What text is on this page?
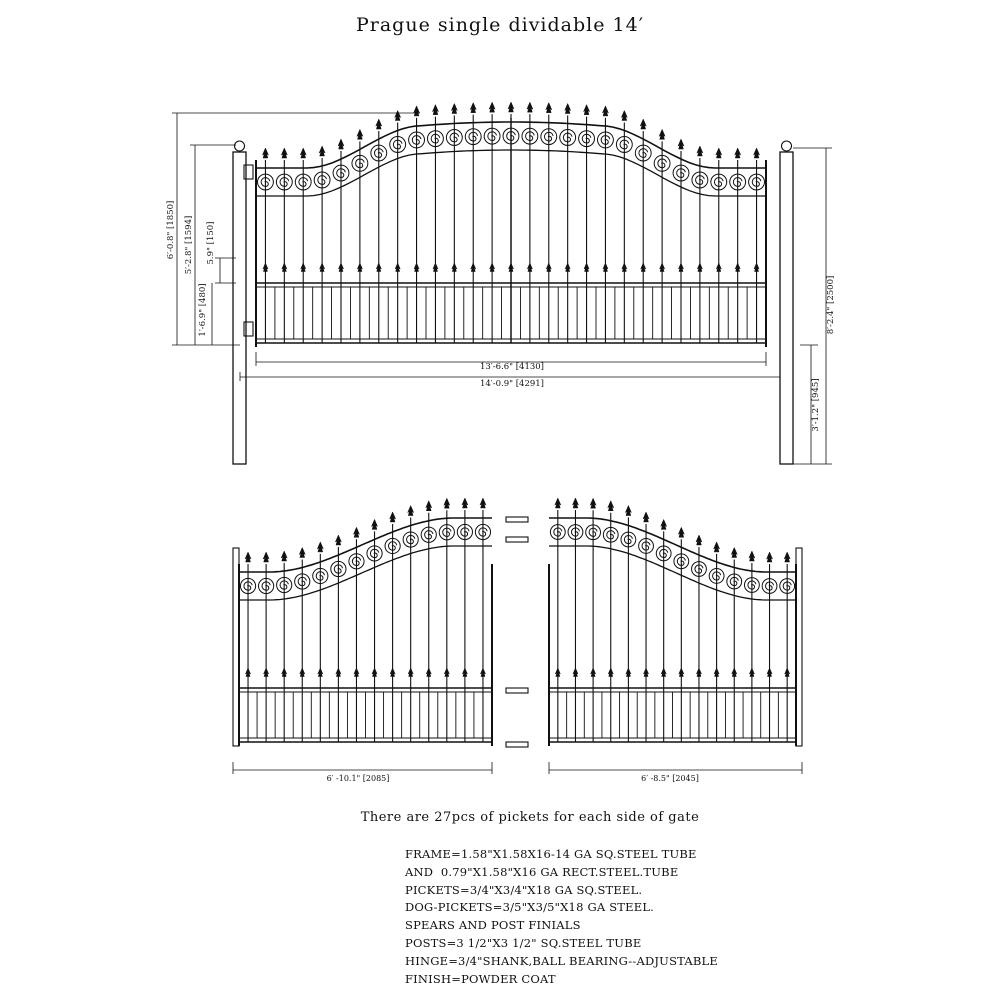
Prague single dividable 14′
6′-0.8" [1850] 5′-2.8" [1594] 5.9" [150]
1′-6.9" [480]
13′-6.6" [4130]
14′-0.9" [4291]
8′-2.4" [2500]
3′-1.2" [945]
6′ -10.1" [2085]	6′ -8.5" [2045]
There are 27pcs of pickets for each side of gate
FRAME=1.58"X1.58X16-14 GA SQ.STEEL TUBE
AND  0.79"X1.58"X16 GA RECT.STEEL.TUBE
PICKETS=3/4"X3/4"X18 GA SQ.STEEL.
DOG-PICKETS=3/5"X3/5"X18 GA STEEL.
SPEARS AND POST FINIALS
POSTS=3 1/2"X3 1/2" SQ.STEEL TUBE
HINGE=3/4"SHANK,BALL BEARING--ADJUSTABLE
FINISH=POWDER COAT
